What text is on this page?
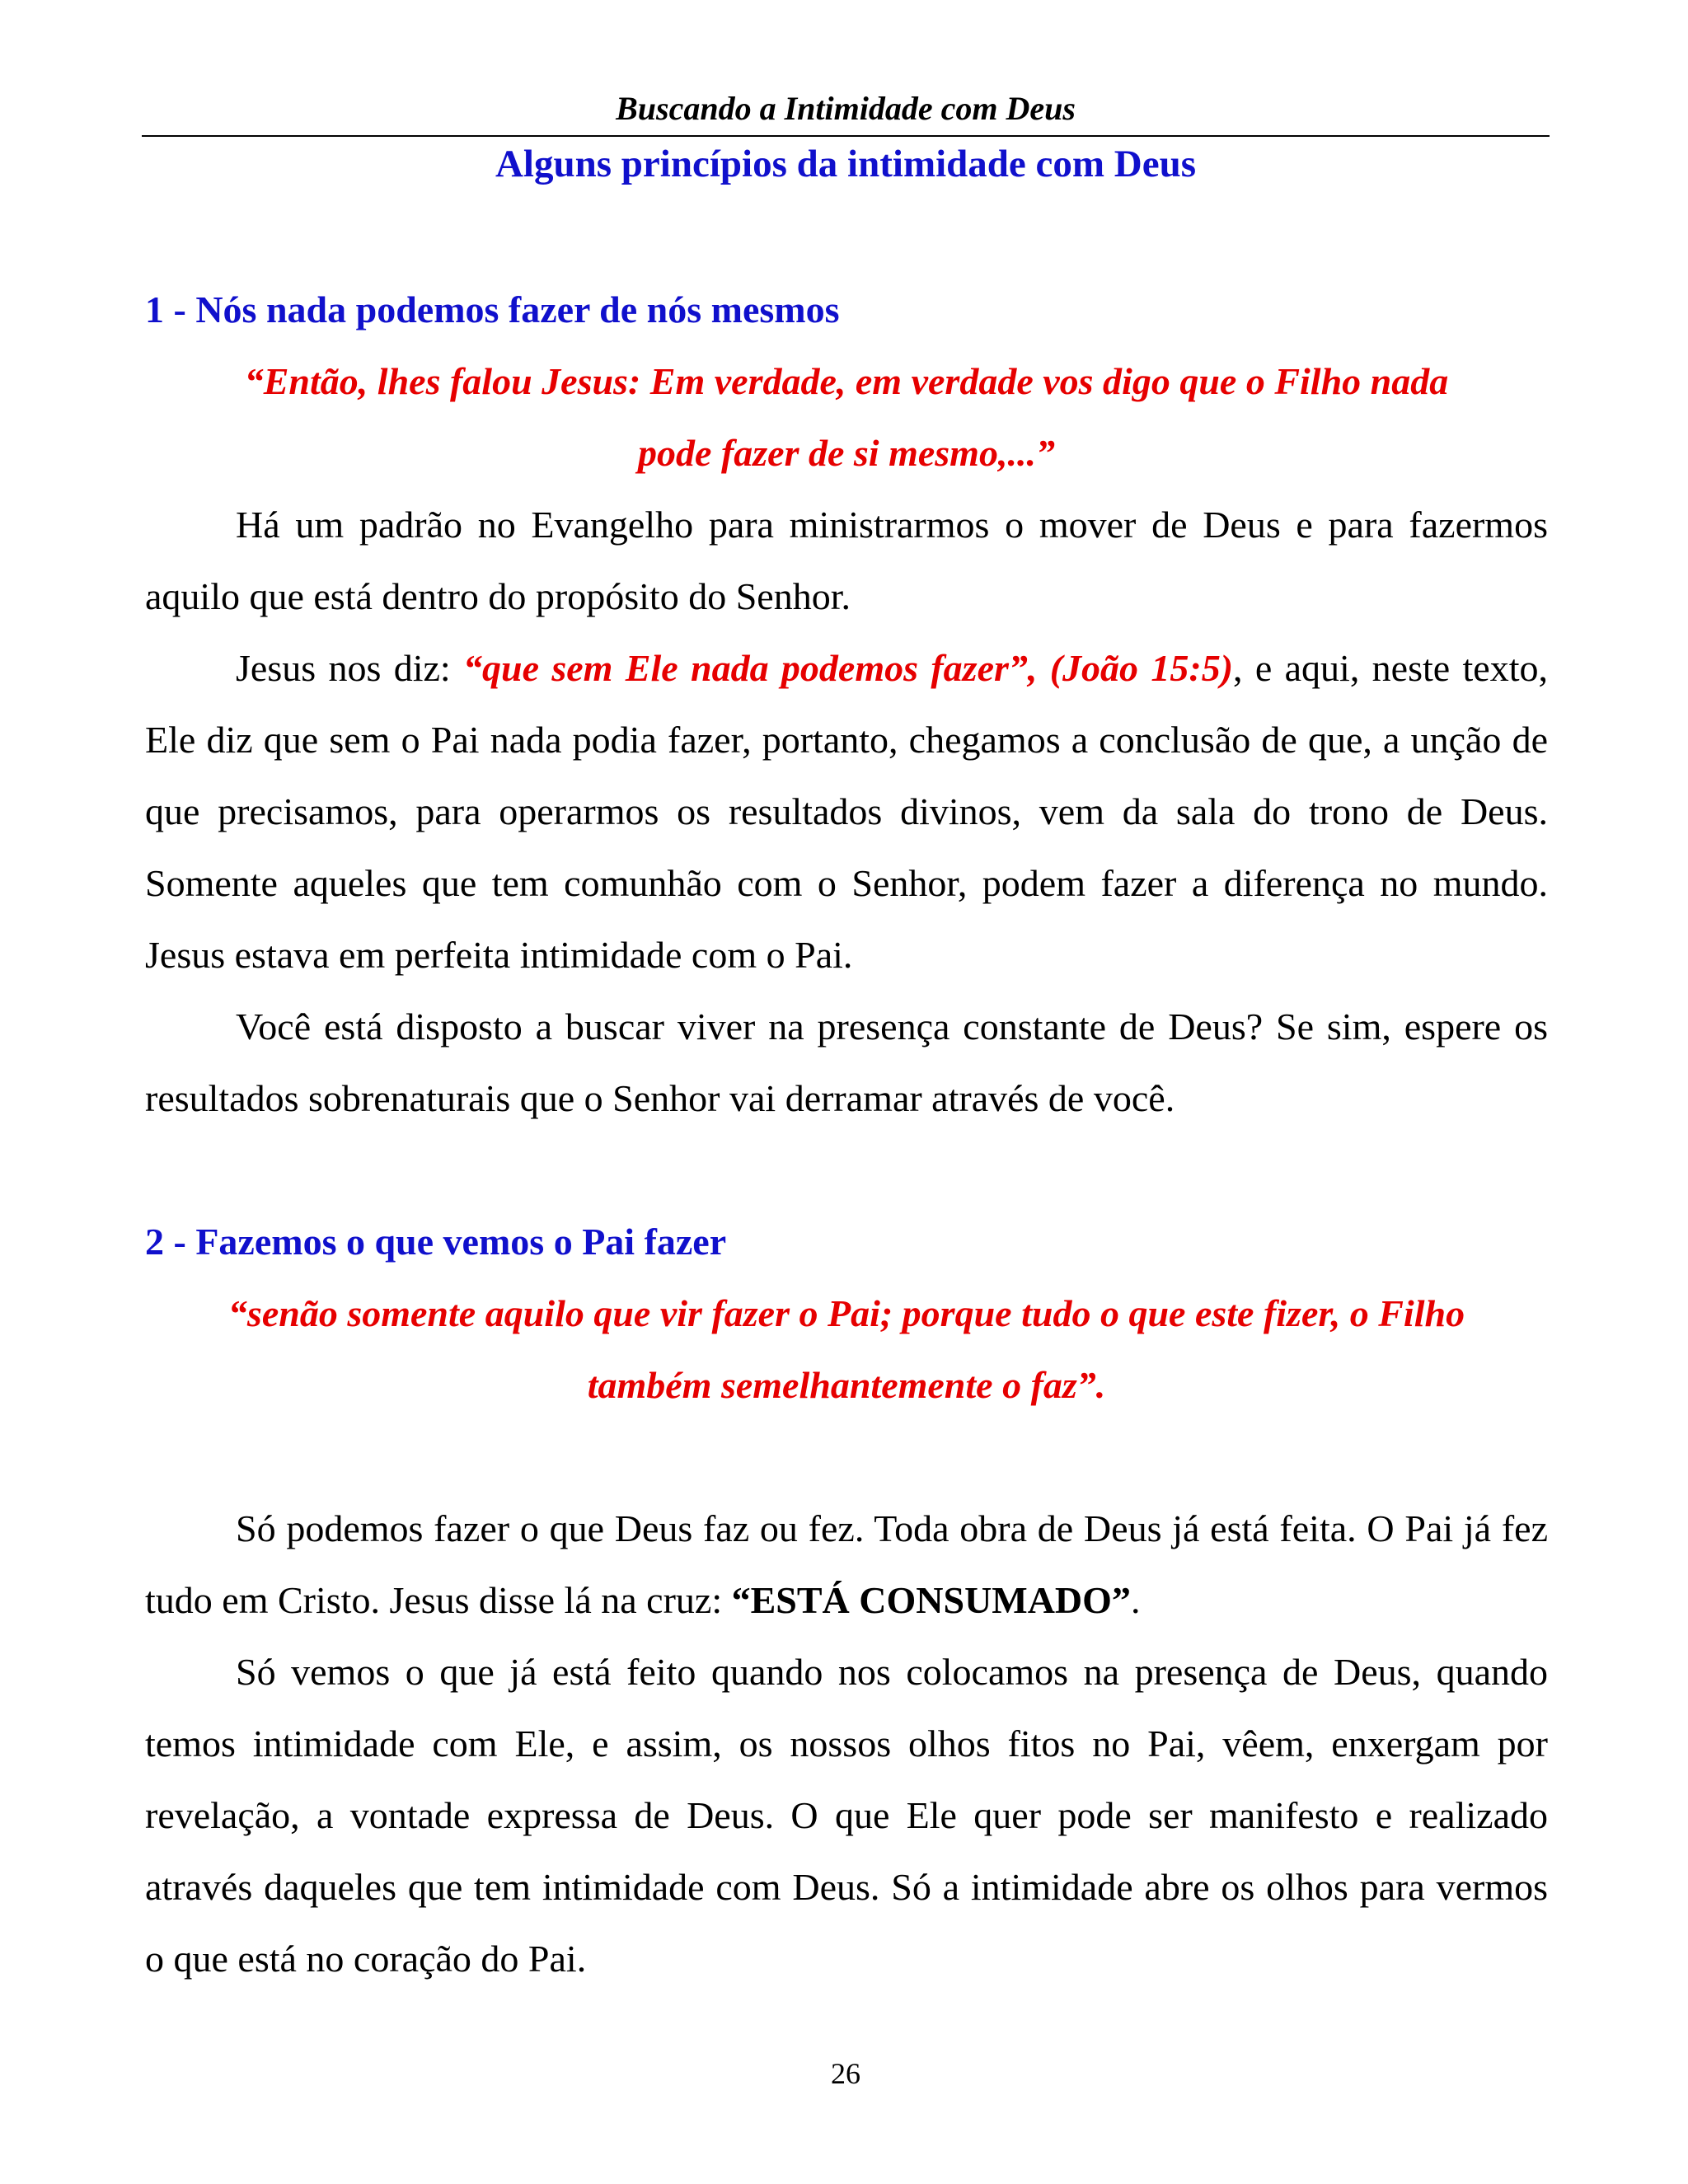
Buscando a Intimidade com Deus
Alguns princípios da intimidade com Deus

1 - Nós nada podemos fazer de nós mesmos

“Então, lhes falou Jesus: Em verdade, em verdade vos digo que o Filho nada
pode fazer de si mesmo,...”

Há um padrão no Evangelho para ministrarmos o mover de Deus e para fazermos aquilo que está dentro do propósito do Senhor.

Jesus nos diz: “que sem Ele nada podemos fazer”, (João 15:5), e aqui, neste texto, Ele diz que sem o Pai nada podia fazer, portanto, chegamos a conclusão de que, a unção de que precisamos, para operarmos os resultados divinos, vem da sala do trono de Deus. Somente aqueles que tem comunhão com o Senhor, podem fazer a diferença no mundo. Jesus estava em perfeita intimidade com o Pai.

Você está disposto a buscar viver na presença constante de Deus? Se sim, espere os resultados sobrenaturais que o Senhor vai derramar através de você.

2 - Fazemos o que vemos o Pai fazer

“senão somente aquilo que vir fazer o Pai; porque tudo o que este fizer, o Filho
também semelhantemente o faz”.

Só podemos fazer o que Deus faz ou fez. Toda obra de Deus já está feita. O Pai já fez tudo em Cristo. Jesus disse lá na cruz: “ESTÁ CONSUMADO”.

Só vemos o que já está feito quando nos colocamos na presença de Deus, quando temos intimidade com Ele, e assim, os nossos olhos fitos no Pai, vêem, enxergam por revelação, a vontade expressa de Deus. O que Ele quer pode ser manifesto e realizado através daqueles que tem intimidade com Deus. Só a intimidade abre os olhos para vermos o que está no coração do Pai.

26
